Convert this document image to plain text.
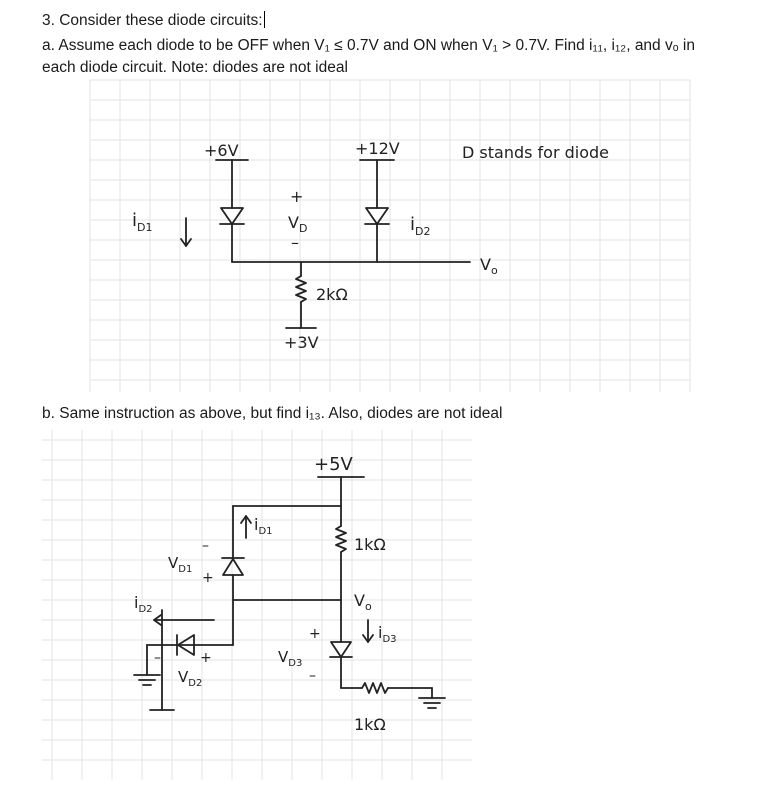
3. Consider these diode circuits:
a. Assume each diode to be OFF when V₁ ≤ 0.7V and ON when V₁ > 0.7V. Find i₁₁, i₁₂, and vₒ in
each diode circuit. Note: diodes are not ideal
b. Same instruction as above, but find i₁₃. Also, diodes are not ideal
+6V	+12V	D stands for diode
+
$V_D$
–
$i_{D1}$	$i_{D2}$
$V_o$
2kΩ
+3V
+5V
1kΩ
1kΩ
$V_o$
$i_{D1}$
$i_{D2}$
$i_{D3}$
$V_{D1}$
–
+
$V_{D2}$
–	+	$V_{D3}$
+
–
